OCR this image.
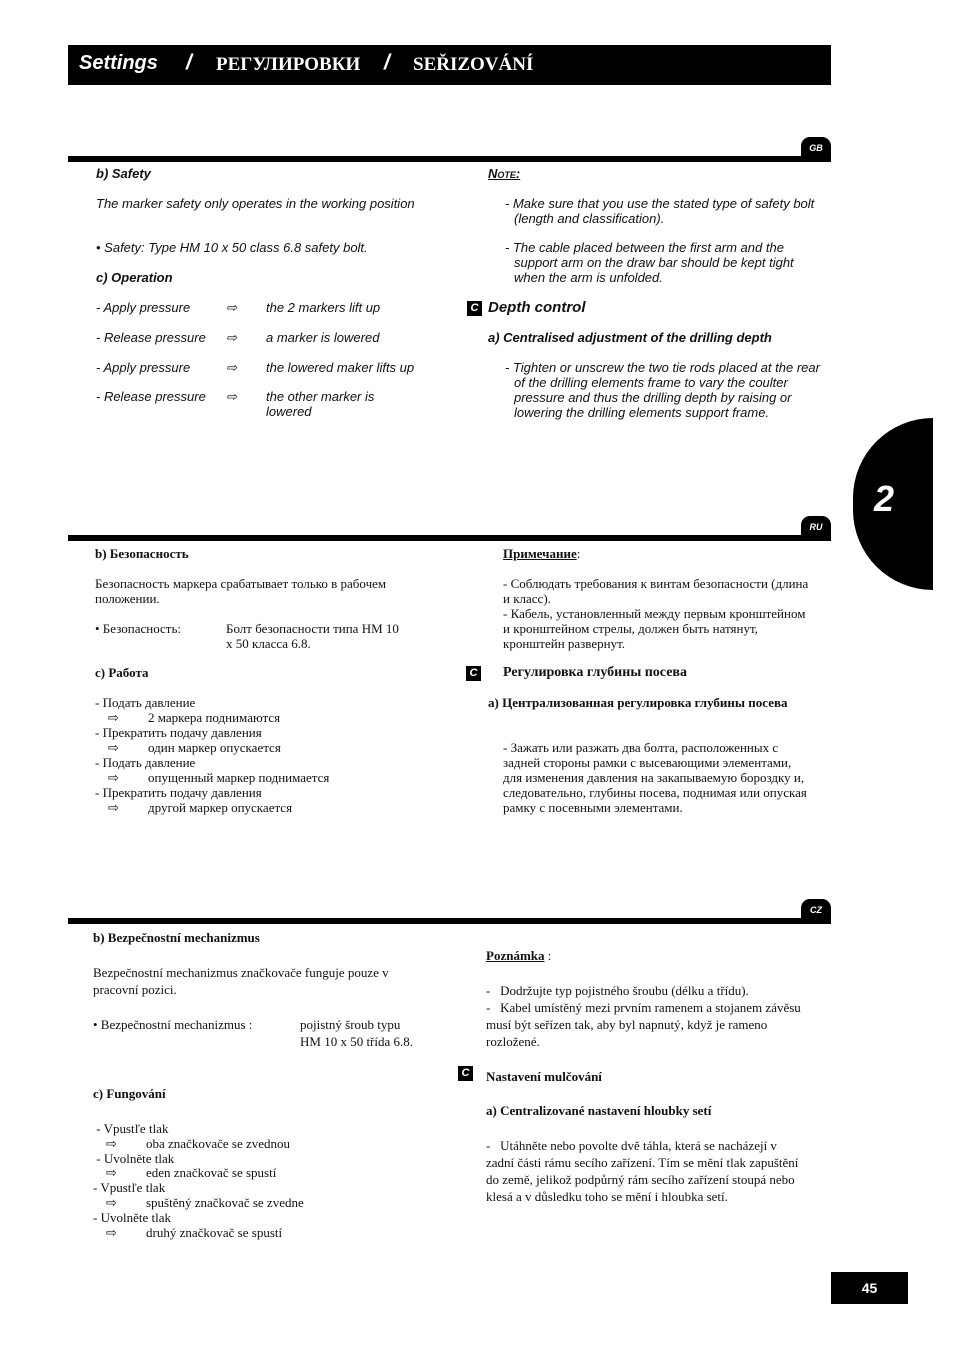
Settings / РЕГУЛИРОВКИ / SEŘIZOVÁNÍ
2
GB
b) Safety
The marker safety only operates in the working position
• Safety: Type HM 10 x 50 class 6.8 safety bolt.
c) Operation
- Apply pressure	⇨ the 2 markers lift up
- Release pressure ⇨ a marker is lowered
- Apply pressure	⇨ the lowered maker lifts up
- Release pressure ⇨ the other marker is lowered
Note:
- Make sure that you use the stated type of safety bolt (length and classification).
- The cable placed between the first arm and the support arm on the draw bar should be kept tight when the arm is unfolded.
C Depth control
a) Centralised adjustment of the drilling depth
- Tighten or unscrew the two tie rods placed at the rear of the drilling elements frame to vary the coulter pressure and thus the drilling depth by raising or lowering the drilling elements support frame.
RU
b) Безопасность
Безопасность маркера срабатывает только в рабочем положении.
• Безопасность:	Болт безопасности типа HM 10 x 50 класса 6.8.
c) Работа
- Подать давление
⇨ 2 маркера поднимаются
- Прекратить подачу давления
⇨ один маркер опускается
- Подать давление
⇨ опущенный маркер поднимается
- Прекратить подачу давления
⇨ другой маркер опускается
Примечание:
- Соблюдать требования к винтам безопасности (длина и класс).
- Кабель, установленный между первым кронштейном и кронштейном стрелы, должен быть натянут, кронштейн развернут.
C Регулировка глубины посева
a) Централизованная регулировка глубины посева
- Зажать или разжать два болта, расположенных с задней стороны рамки с высевающими элементами, для изменения давления на закапываемую бороздку и, следовательно, глубины посева, поднимая или опуская рамку с посевными элементами.
CZ
b) Bezpečnostní mechanizmus
Bezpečnostní mechanizmus značkovače funguje pouze v pracovní pozici.
• Bezpečnostní mechanizmus :	pojistný šroub typu HM 10 x 50 třída 6.8.
c) Fungování
- Vpustľe tlak
⇨ oba značkovače se zvednou
- Uvolněte tlak
⇨ eden značkovač se spustí
- Vpustľe tlak
⇨ spuštěný značkovač se zvedne
- Uvolněte tlak
⇨ druhý značkovač se spustí
Poznámka :
-   Dodržujte typ pojistného šroubu (délku a třídu).
-   Kabel umístěný mezi prvním ramenem a stojanem závěsu musí být seřízen tak, aby byl napnutý, když je rameno rozložené.
C Nastavení mulčování
a) Centralizované nastavení hloubky setí
-   Utáhněte nebo povolte dvě táhla, která se nacházejí v zadní části rámu secího zařízení. Tím se mění tlak zapuštění do země, jelikož podpůrný rám secího zařízení stoupá nebo klesá a v důsledku toho se mění i hloubka setí.
45
